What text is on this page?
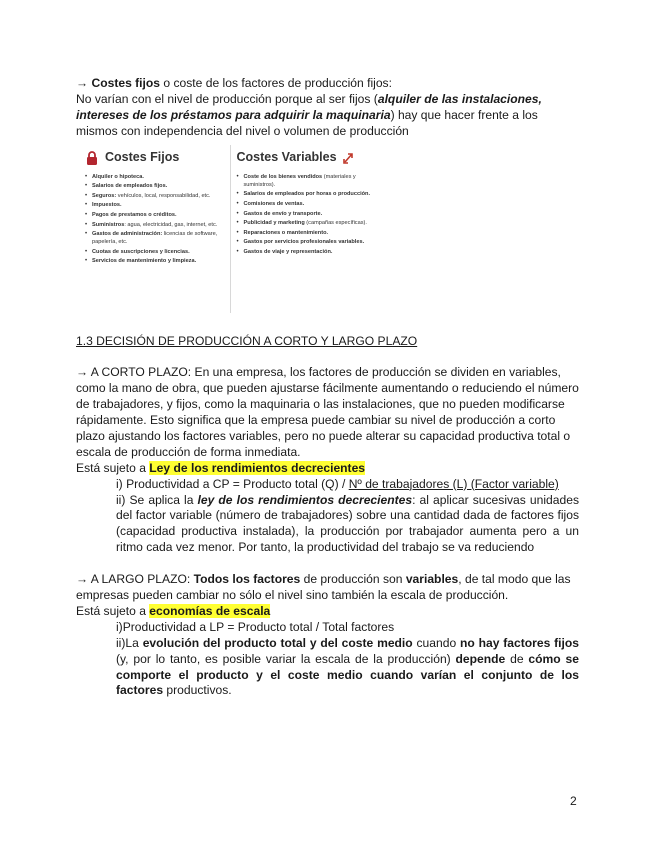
→ Costes fijos o coste de los factores de producción fijos:
No varían con el nivel de producción porque al ser fijos (alquiler de las instalaciones, intereses de los préstamos para adquirir la maquinaria) hay que hacer frente a los mismos con independencia del nivel o volumen de producción

Costes Fijos
• Alquiler o hipoteca.
• Salarios de empleados fijos.
• Seguros: vehículos, local, responsabilidad, etc.
• Impuestos.
• Pagos de prestamos o créditos.
• Suministros: agua, electricidad, gas, internet, etc.
• Gastos de administración: licencias de software, papelería, etc.
• Cuotas de suscripciones y licencias.
• Servicios de mantenimiento y limpieza.
Costes Variables
• Coste de los bienes vendidos (materiales y suministros).
• Salarios de empleados por horas o producción.
• Comisiones de ventas.
• Gastos de envío y transporte.
• Publicidad y marketing (campañas específicas).
• Reparaciones o mantenimiento.
• Gastos por servicios profesionales variables.
• Gastos de viaje y representación.

1.3 DECISIÓN DE PRODUCCIÓN A CORTO Y LARGO PLAZO

→ A CORTO PLAZO: En una empresa, los factores de producción se dividen en variables, como la mano de obra, que pueden ajustarse fácilmente aumentando o reduciendo el número de trabajadores, y fijos, como la maquinaria o las instalaciones, que no pueden modificarse rápidamente. Esto significa que la empresa puede cambiar su nivel de producción a corto plazo ajustando los factores variables, pero no puede alterar su capacidad productiva total o escala de producción de forma inmediata.

Está sujeto a Ley de los rendimientos decrecientes

i) Productividad a CP = Producto total (Q) / Nº de trabajadores (L) (Factor variable)

ii) Se aplica la ley de los rendimientos decrecientes: al aplicar sucesivas unidades del factor variable (número de trabajadores) sobre una cantidad dada de factores fijos (capacidad productiva instalada), la producción por trabajador aumenta pero a un ritmo cada vez menor. Por tanto, la productividad del trabajo se va reduciendo

→ A LARGO PLAZO: Todos los factores de producción son variables, de tal modo que las empresas pueden cambiar no sólo el nivel sino también la escala de producción.

Está sujeto a economías de escala

i)Productividad a LP = Producto total / Total factores

ii)La evolución del producto total y del coste medio cuando no hay factores fijos (y, por lo tanto, es posible variar la escala de la producción) depende de cómo se comporte el producto y el coste medio cuando varían el conjunto de los factores productivos.

2
